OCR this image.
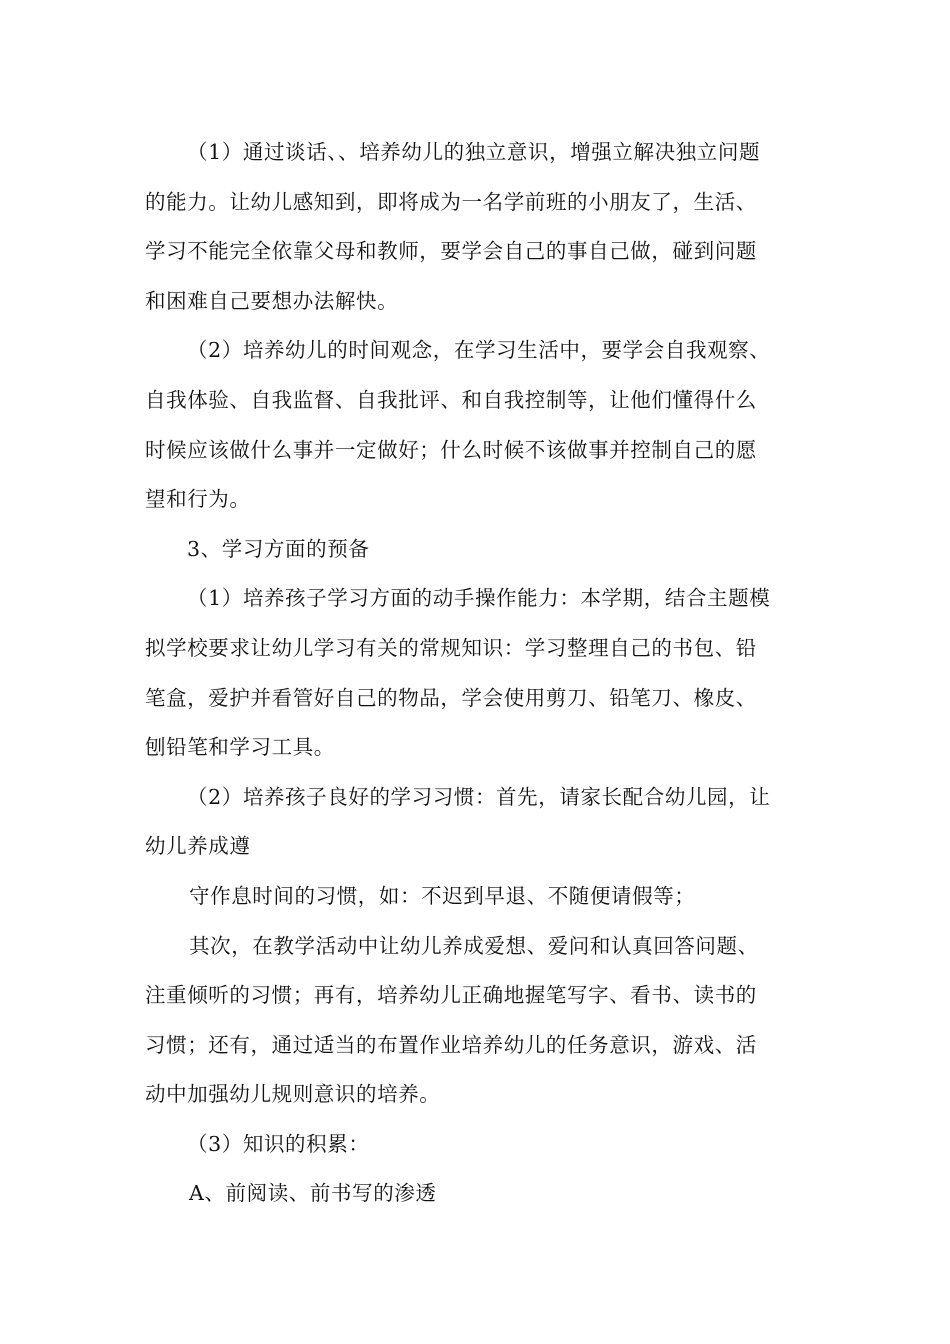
（1）通过谈话、、培养幼儿的独立意识，增强立解决独立问题
的能力。让幼儿感知到，即将成为一名学前班的小朋友了，生活、
学习不能完全依靠父母和教师，要学会自己的事自己做，碰到问题
和困难自己要想办法解快。
（2）培养幼儿的时间观念，在学习生活中，要学会自我观察、
自我体验、自我监督、自我批评、和自我控制等，让他们懂得什么
时候应该做什么事并一定做好；什么时候不该做事并控制自己的愿
望和行为。
3、学习方面的预备
（1）培养孩子学习方面的动手操作能力：本学期，结合主题模
拟学校要求让幼儿学习有关的常规知识：学习整理自己的书包、铅
笔盒，爱护并看管好自己的物品，学会使用剪刀、铅笔刀、橡皮、
刨铅笔和学习工具。
（2）培养孩子良好的学习习惯：首先，请家长配合幼儿园，让
幼儿养成遵
守作息时间的习惯，如：不迟到早退、不随便请假等；
其次，在教学活动中让幼儿养成爱想、爱问和认真回答问题、
注重倾听的习惯；再有，培养幼儿正确地握笔写字、看书、读书的
习惯；还有，通过适当的布置作业培养幼儿的任务意识，游戏、活
动中加强幼儿规则意识的培养。
（3）知识的积累：
A、前阅读、前书写的渗透
